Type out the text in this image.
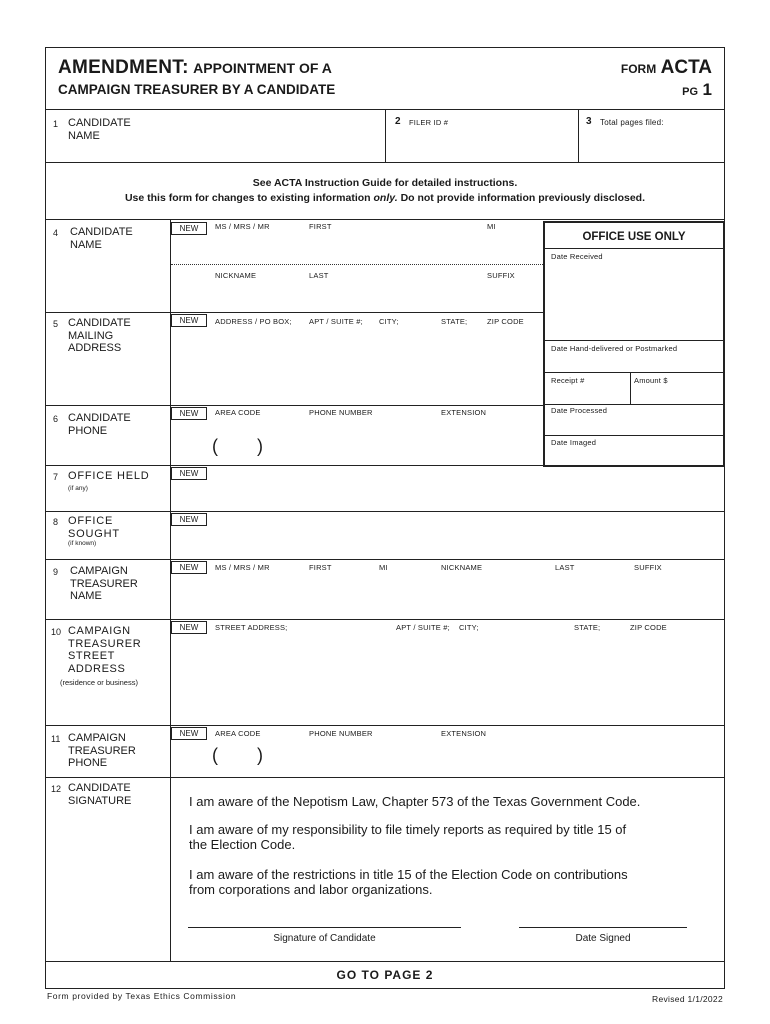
AMENDMENT: APPOINTMENT OF A
CAMPAIGN TREASURER BY A CANDIDATE
FORM ACTA
PG 1
1 CANDIDATE
NAME
2 FILER ID #	3 Total pages filed:
See ACTA Instruction Guide for detailed instructions.
Use this form for changes to existing information only. Do not provide information previously disclosed.
4 CANDIDATE
NAME
NEW	MS / MRS / MR	FIRST	MI
NICKNAME	LAST	SUFFIX
5 CANDIDATE
MAILING
ADDRESS
NEW	ADDRESS / PO BOX; APT / SUITE #; CITY;	STATE;	ZIP CODE
6 CANDIDATE
PHONE
NEW	AREA CODE	PHONE NUMBER	EXTENSION
( )
OFFICE USE ONLY
Date Received
Date Hand-delivered or Postmarked
Receipt #	Amount $
Date Processed
Date Imaged
7 OFFICE HELD
(if any)
NEW
8 OFFICE
SOUGHT
(if known)
NEW
9 CAMPAIGN
TREASURER
NAME
NEW	MS / MRS / MR	FIRST	MI	NICKNAME	LAST	SUFFIX
10 CAMPAIGN
TREASURER
STREET
ADDRESS
(residence or business)
NEW	STREET ADDRESS;	APT / SUITE #; CITY;	STATE;	ZIP CODE
11 CAMPAIGN
TREASURER
PHONE
NEW	AREA CODE	PHONE NUMBER	EXTENSION
( )
12 CANDIDATE
SIGNATURE	I am aware of the Nepotism Law, Chapter 573 of the Texas Government Code.
I am aware of my responsibility to file timely reports as required by title 15 of
the Election Code.
I am aware of the restrictions in title 15 of the Election Code on contributions
from corporations and labor organizations.
Signature of Candidate	Date Signed
GO TO PAGE 2
Form provided by Texas Ethics Commission	Revised 1/1/2022
